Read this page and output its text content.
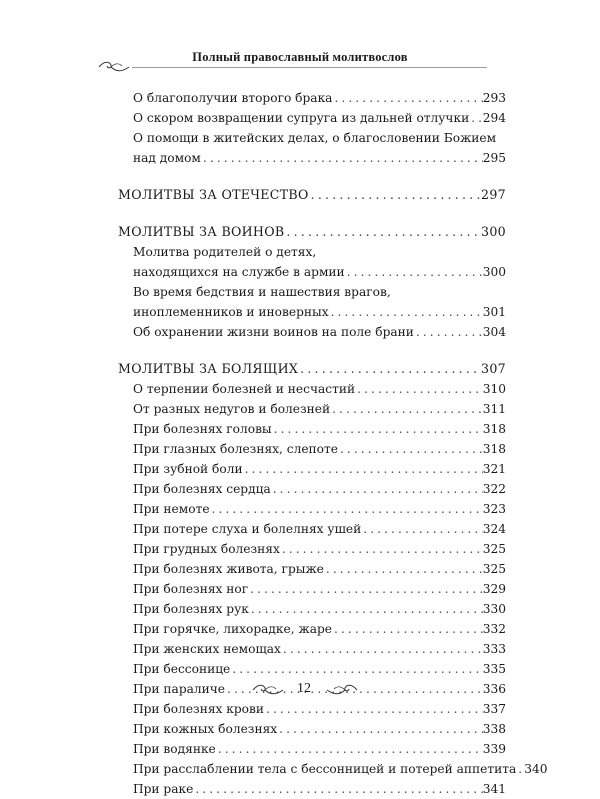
Полный православный молитвослов
О благополучии второго брака . . .	293
О скором возвращении супруга из дальней отлучки . . . 294
О помощи в житейских делах, о благословении Божием
над домом . . .	295
МОЛИТВЫ ЗА ОТЕЧЕСТВО . . .	297
МОЛИТВЫ ЗА ВОИНОВ . . .	300
Молитва родителей о детях,
находящихся на службе в армии . . .	300
Во время бедствия и нашествия врагов,
иноплеменников и иноверных . . .	301
Об охранении жизни воинов на поле брани . . .	304
МОЛИТВЫ ЗА БОЛЯЩИХ . . .	307
О терпении болезней и несчастий . . .	310
От разных недугов и болезней . . .	311
При болезнях головы . . .	318
При глазных болезнях, слепоте . . .	318
При зубной боли . . .	321
При болезнях сердца . . .	322
При немоте . . .	323
При потере слуха и болелнях ушей . . .	324
При грудных болезнях . . .	325
При болезнях живота, грыже . . .	325
При болезнях ног . . .	329
При болезнях рук . . .	330
При горячке, лихорадке, жаре . . .	332
При женских немощах . . .	333
При бессонице . . .	335
При параличе . . .	336
При болезнях крови . . .	337
При кожных болезнях . . .	338
При водянке . . .	339
При расслаблении тела с бессонницей и потерей аппетита . . . 340
При раке . . .	341
12
